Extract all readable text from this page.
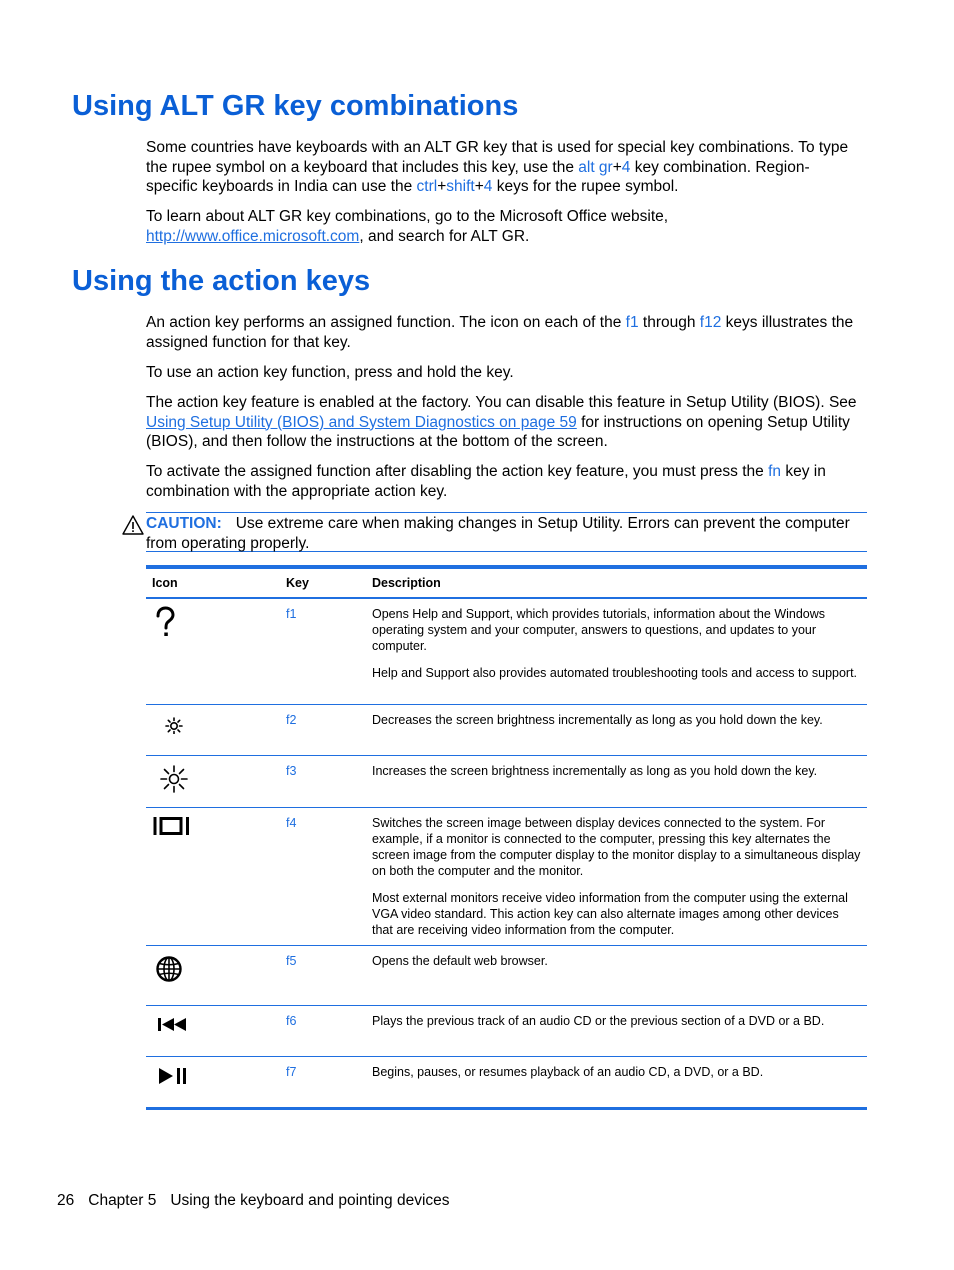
Using ALT GR key combinations

Some countries have keyboards with an ALT GR key that is used for special key combinations. To type the rupee symbol on a keyboard that includes this key, use the alt gr+4 key combination. Region-specific keyboards in India can use the ctrl+shift+4 keys for the rupee symbol.

To learn about ALT GR key combinations, go to the Microsoft Office website, http://www.office.microsoft.com, and search for ALT GR.

Using the action keys

An action key performs an assigned function. The icon on each of the f1 through f12 keys illustrates the assigned function for that key.

To use an action key function, press and hold the key.

The action key feature is enabled at the factory. You can disable this feature in Setup Utility (BIOS). See Using Setup Utility (BIOS) and System Diagnostics on page 59 for instructions on opening Setup Utility (BIOS), and then follow the instructions at the bottom of the screen.

To activate the assigned function after disabling the action key feature, you must press the fn key in combination with the appropriate action key.

CAUTION: Use extreme care when making changes in Setup Utility. Errors can prevent the computer from operating properly.
Icon	Key	Description

	f1	Opens Help and Support, which provides tutorials, information about the Windows operating system and your computer, answers to questions, and updates to your computer.

Help and Support also provides automated troubleshooting tools and access to support.

	f2	Decreases the screen brightness incrementally as long as you hold down the key.

	f3	Increases the screen brightness incrementally as long as you hold down the key.

	f4	Switches the screen image between display devices connected to the system. For example, if a monitor is connected to the computer, pressing this key alternates the screen image from the computer display to the monitor display to a simultaneous display on both the computer and the monitor.

Most external monitors receive video information from the computer using the external VGA video standard. This action key can also alternate images among other devices that are receiving video information from the computer.

	f5	Opens the default web browser.

	f6	Plays the previous track of an audio CD or the previous section of a DVD or a BD.

	f7	Begins, pauses, or resumes playback of an audio CD, a DVD, or a BD.

26 Chapter 5 Using the keyboard and pointing devices
